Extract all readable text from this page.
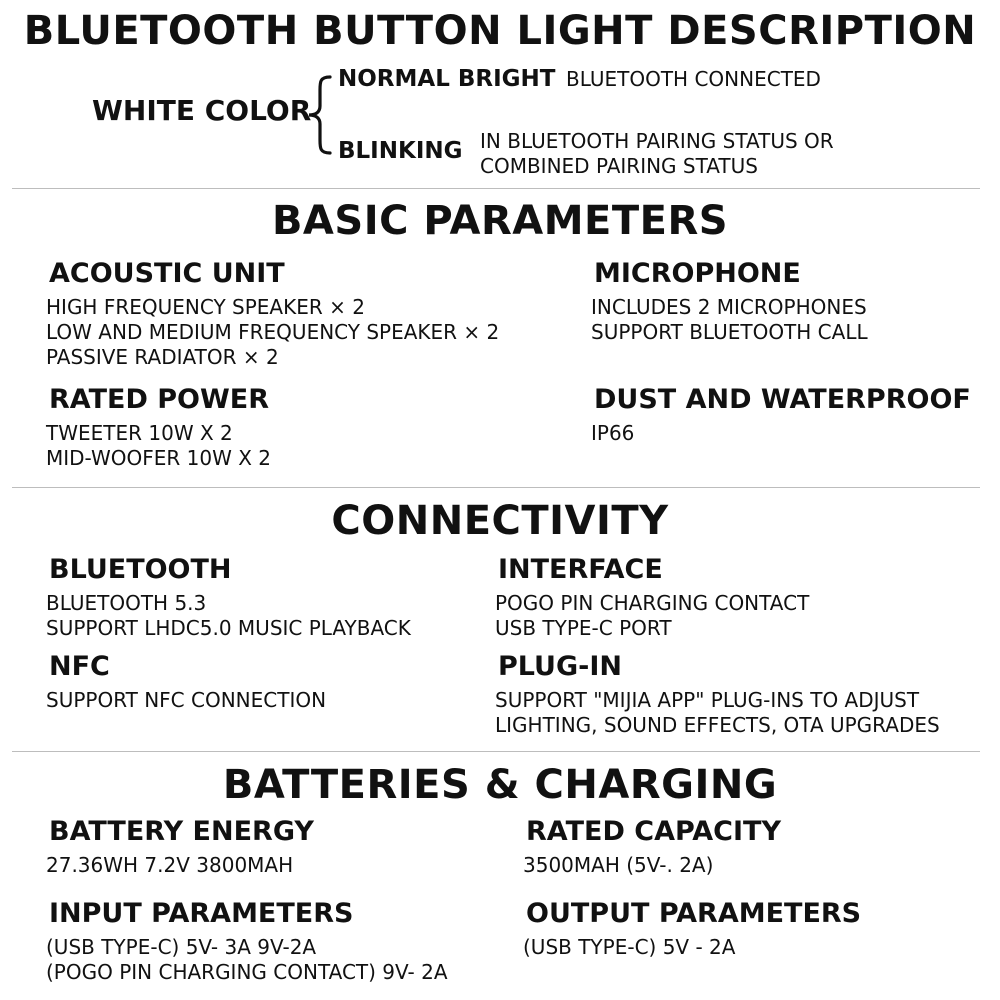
BLUETOOTH BUTTON LIGHT DESCRIPTION
WHITE COLOR
NORMAL BRIGHT BLUETOOTH CONNECTED
BLINKING IN BLUETOOTH PAIRING STATUS OR
COMBINED PAIRING STATUS
BASIC PARAMETERS
ACOUSTIC UNIT
HIGH FREQUENCY SPEAKER × 2
LOW AND MEDIUM FREQUENCY SPEAKER × 2
PASSIVE RADIATOR × 2
MICROPHONE
INCLUDES 2 MICROPHONES
SUPPORT BLUETOOTH CALL
RATED POWER
TWEETER 10W X 2
MID-WOOFER 10W X 2
DUST AND WATERPROOF
IP66
CONNECTIVITY
BLUETOOTH
BLUETOOTH 5.3
SUPPORT LHDC5.0 MUSIC PLAYBACK
INTERFACE
POGO PIN CHARGING CONTACT
USB TYPE-C PORT
NFC
SUPPORT NFC CONNECTION
PLUG-IN
SUPPORT "MIJIA APP" PLUG-INS TO ADJUST
LIGHTING, SOUND EFFECTS, OTA UPGRADES
BATTERIES & CHARGING
BATTERY ENERGY
27.36WH 7.2V 3800MAH
RATED CAPACITY
3500MAH (5V-. 2A)
INPUT PARAMETERS
(USB TYPE-C) 5V- 3A 9V-2A
(POGO PIN CHARGING CONTACT) 9V- 2A
OUTPUT PARAMETERS
(USB TYPE-C) 5V - 2A
